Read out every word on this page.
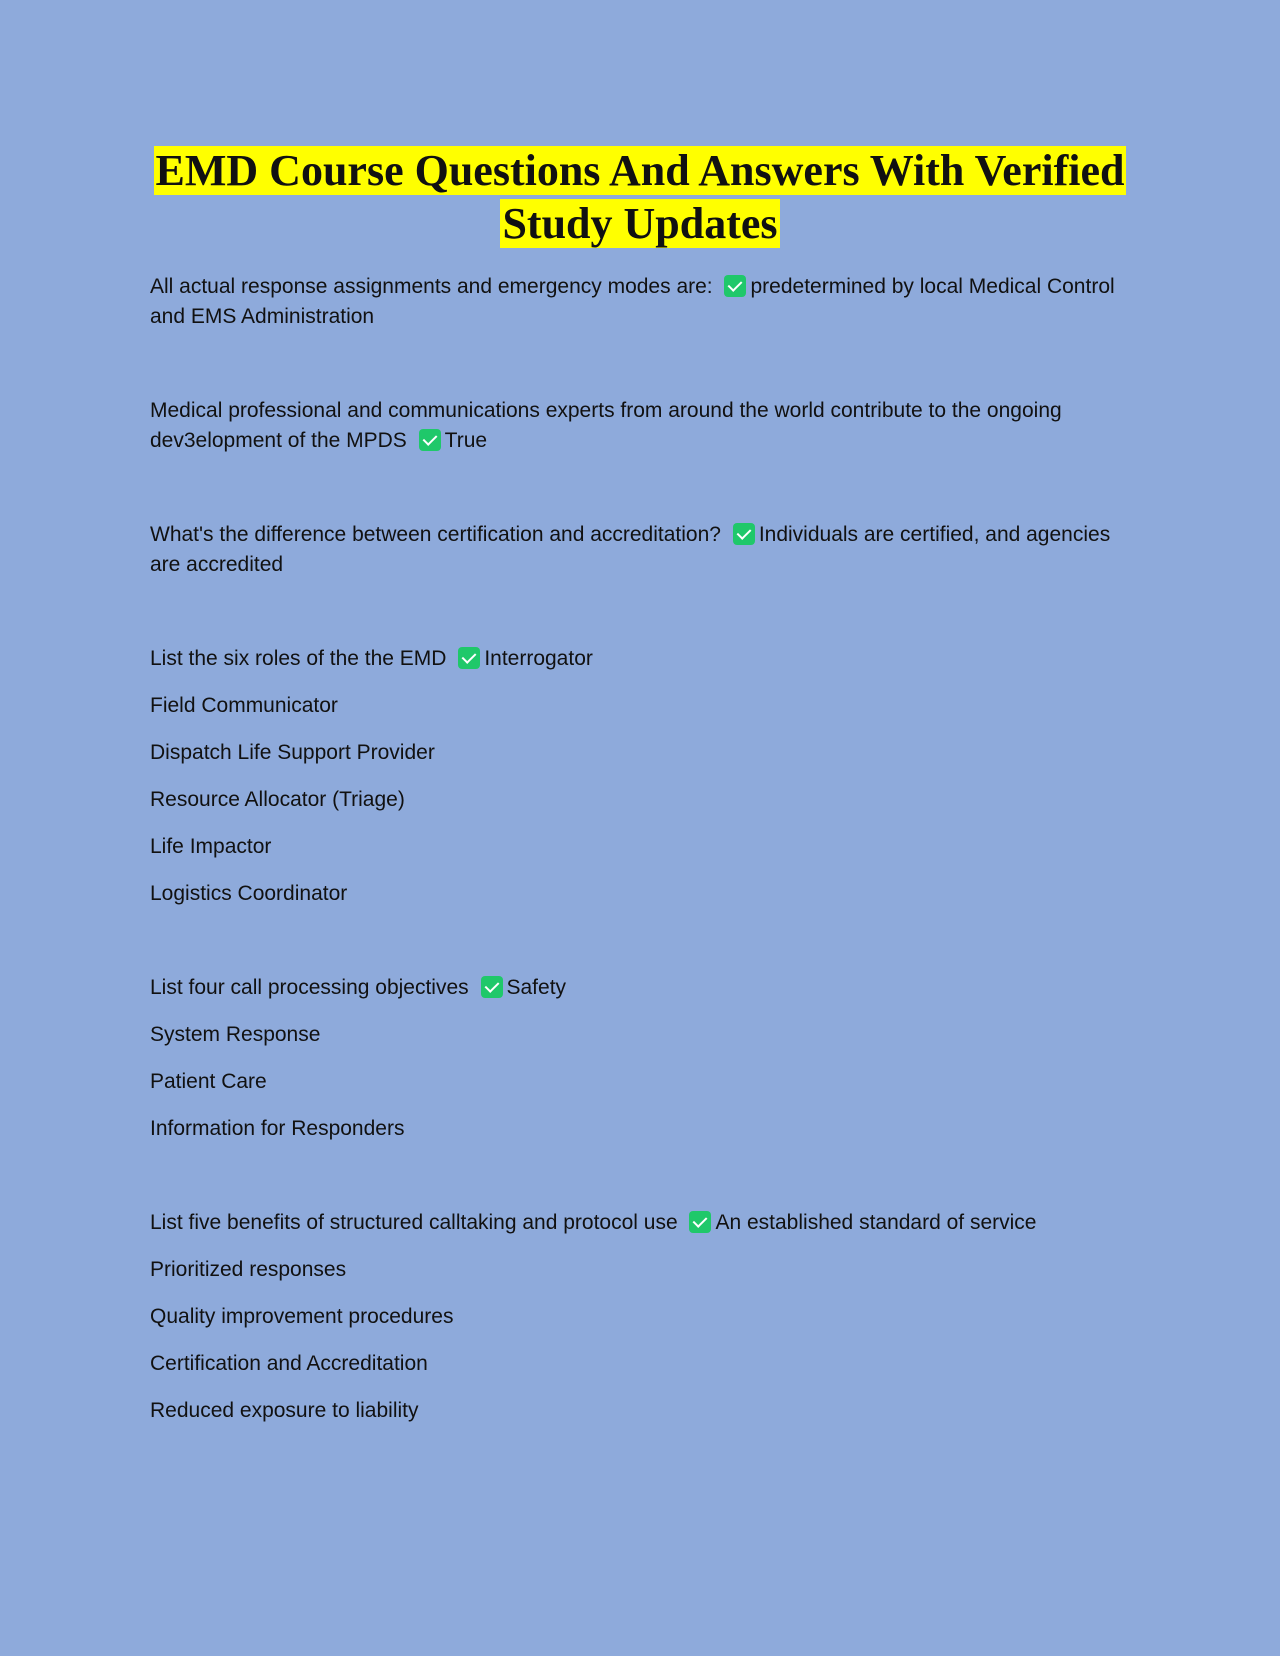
EMD Course Questions And Answers With Verified
Study Updates

All actual response assignments and emergency modes are: predetermined by local Medical Control and EMS Administration

Medical professional and communications experts from around the world contribute to the ongoing dev3elopment of the MPDS True

What's the difference between certification and accreditation? Individuals are certified, and agencies are accredited

List the six roles of the the EMD Interrogator

Field Communicator

Dispatch Life Support Provider

Resource Allocator (Triage)

Life Impactor

Logistics Coordinator

List four call processing objectives Safety

System Response

Patient Care

Information for Responders

List five benefits of structured calltaking and protocol use An established standard of service

Prioritized responses

Quality improvement procedures

Certification and Accreditation

Reduced exposure to liability
